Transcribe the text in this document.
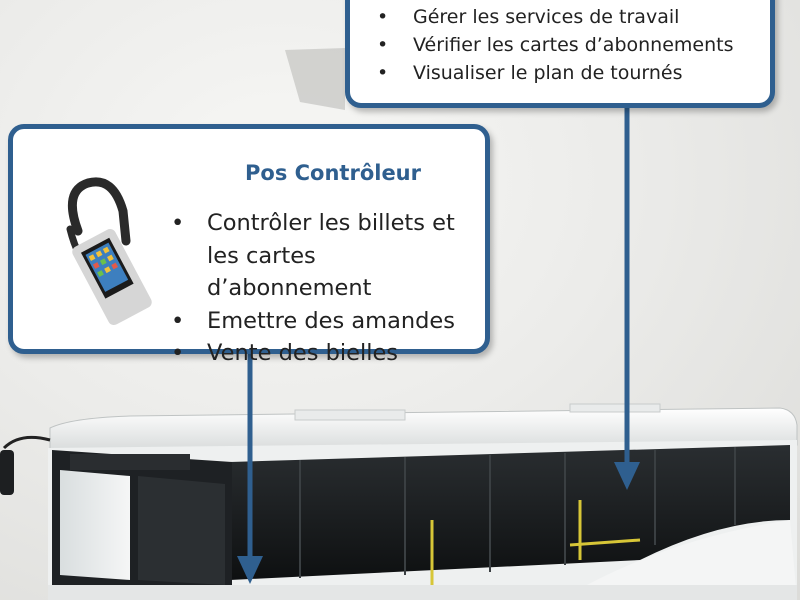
• Gérer les services de travail
• Vérifier les cartes d’abonnements
• Visualiser le plan de tournés
Pos Contrôleur
• Contrôler les billets et
les cartes d’abonnement
• Emettre des amandes
• Vente des bielles
